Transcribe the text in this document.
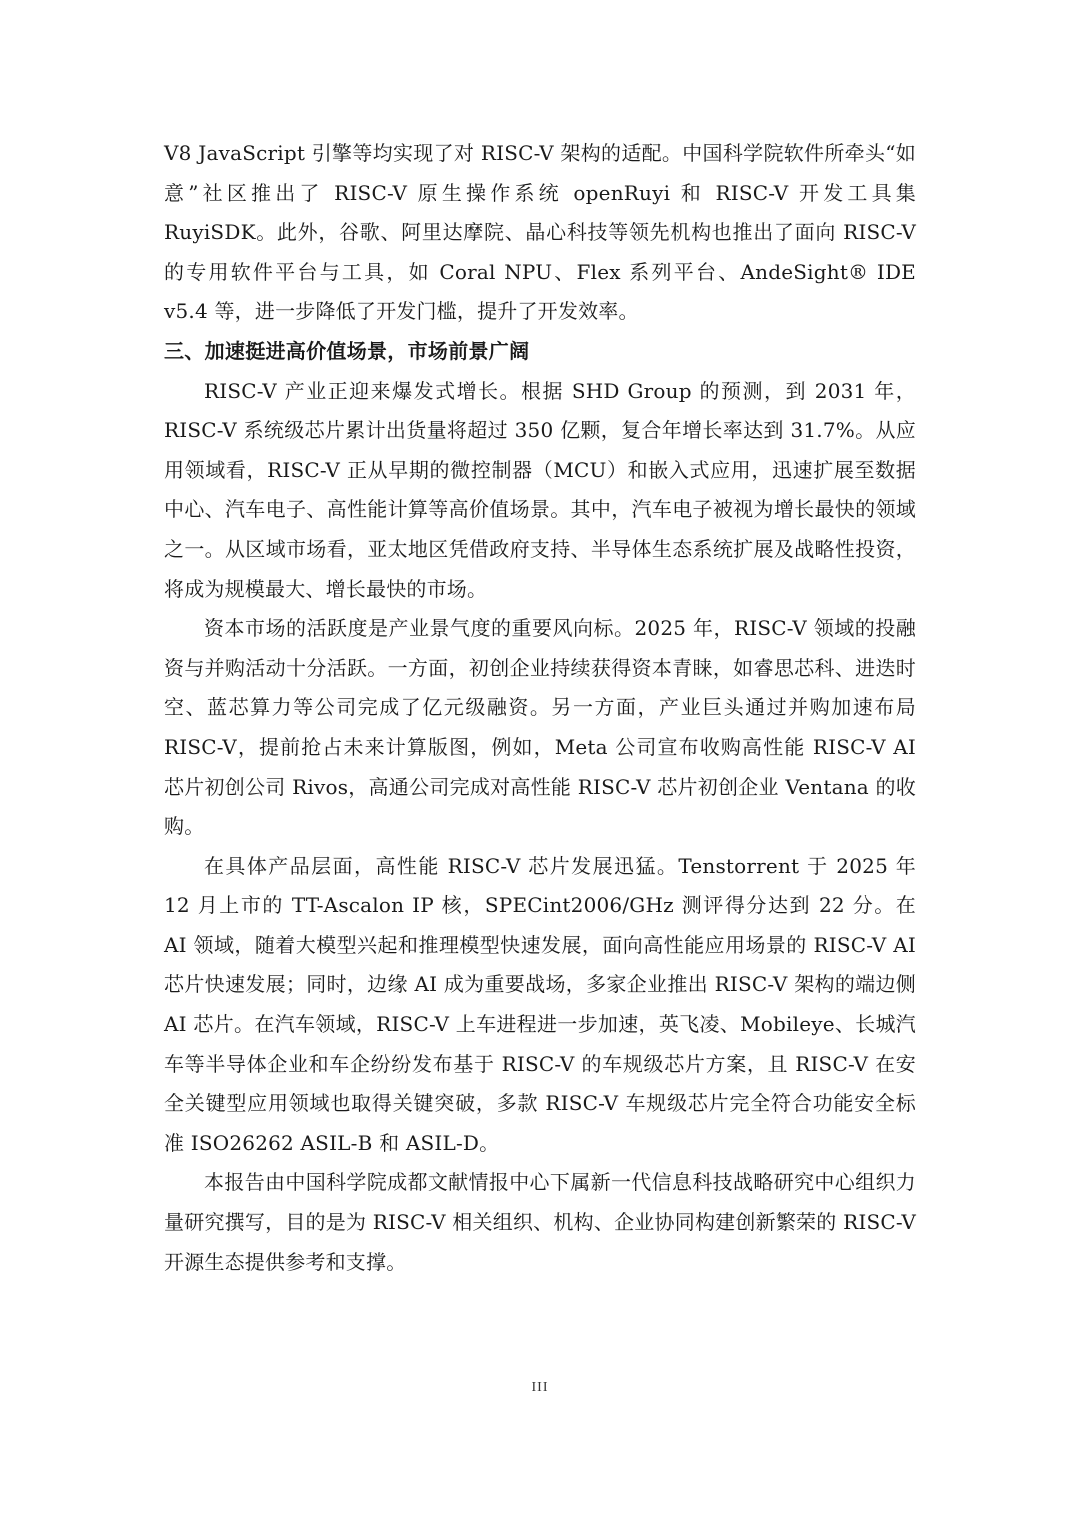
V8 JavaScript 引擎等均实现了对 RISC-V 架构的适配。中国科学院软件所牵头“如意”社区推出了 RISC-V 原生操作系统 openRuyi 和 RISC-V 开发工具集 RuyiSDK。此外，谷歌、阿里达摩院、晶心科技等领先机构也推出了面向 RISC-V 的专用软件平台与工具，如 Coral NPU、Flex 系列平台、AndeSight® IDE v5.4 等，进一步降低了开发门槛，提升了开发效率。

三、加速挺进高价值场景，市场前景广阔

RISC-V 产业正迎来爆发式增长。根据 SHD Group 的预测，到 2031 年，RISC-V 系统级芯片累计出货量将超过 350 亿颗，复合年增长率达到 31.7%。从应用领域看，RISC-V 正从早期的微控制器（MCU）和嵌入式应用，迅速扩展至数据中心、汽车电子、高性能计算等高价值场景。其中，汽车电子被视为增长最快的领域之一。从区域市场看，亚太地区凭借政府支持、半导体生态系统扩展及战略性投资，将成为规模最大、增长最快的市场。

资本市场的活跃度是产业景气度的重要风向标。2025 年，RISC-V 领域的投融资与并购活动十分活跃。一方面，初创企业持续获得资本青睐，如睿思芯科、进迭时空、蓝芯算力等公司完成了亿元级融资。另一方面，产业巨头通过并购加速布局 RISC-V，提前抢占未来计算版图，例如，Meta 公司宣布收购高性能 RISC-V AI 芯片初创公司 Rivos，高通公司完成对高性能 RISC-V 芯片初创企业 Ventana 的收购。

在具体产品层面，高性能 RISC-V 芯片发展迅猛。Tenstorrent 于 2025 年 12 月上市的 TT-Ascalon IP 核，SPECint2006/GHz 测评得分达到 22 分。在 AI 领域，随着大模型兴起和推理模型快速发展，面向高性能应用场景的 RISC-V AI 芯片快速发展；同时，边缘 AI 成为重要战场，多家企业推出 RISC-V 架构的端边侧 AI 芯片。在汽车领域，RISC-V 上车进程进一步加速，英飞凌、Mobileye、长城汽车等半导体企业和车企纷纷发布基于 RISC-V 的车规级芯片方案，且 RISC-V 在安全关键型应用领域也取得关键突破，多款 RISC-V 车规级芯片完全符合功能安全标准 ISO26262 ASIL-B 和 ASIL-D。

本报告由中国科学院成都文献情报中心下属新一代信息科技战略研究中心组织力量研究撰写，目的是为 RISC-V 相关组织、机构、企业协同构建创新繁荣的 RISC-V 开源生态提供参考和支撑。

III
